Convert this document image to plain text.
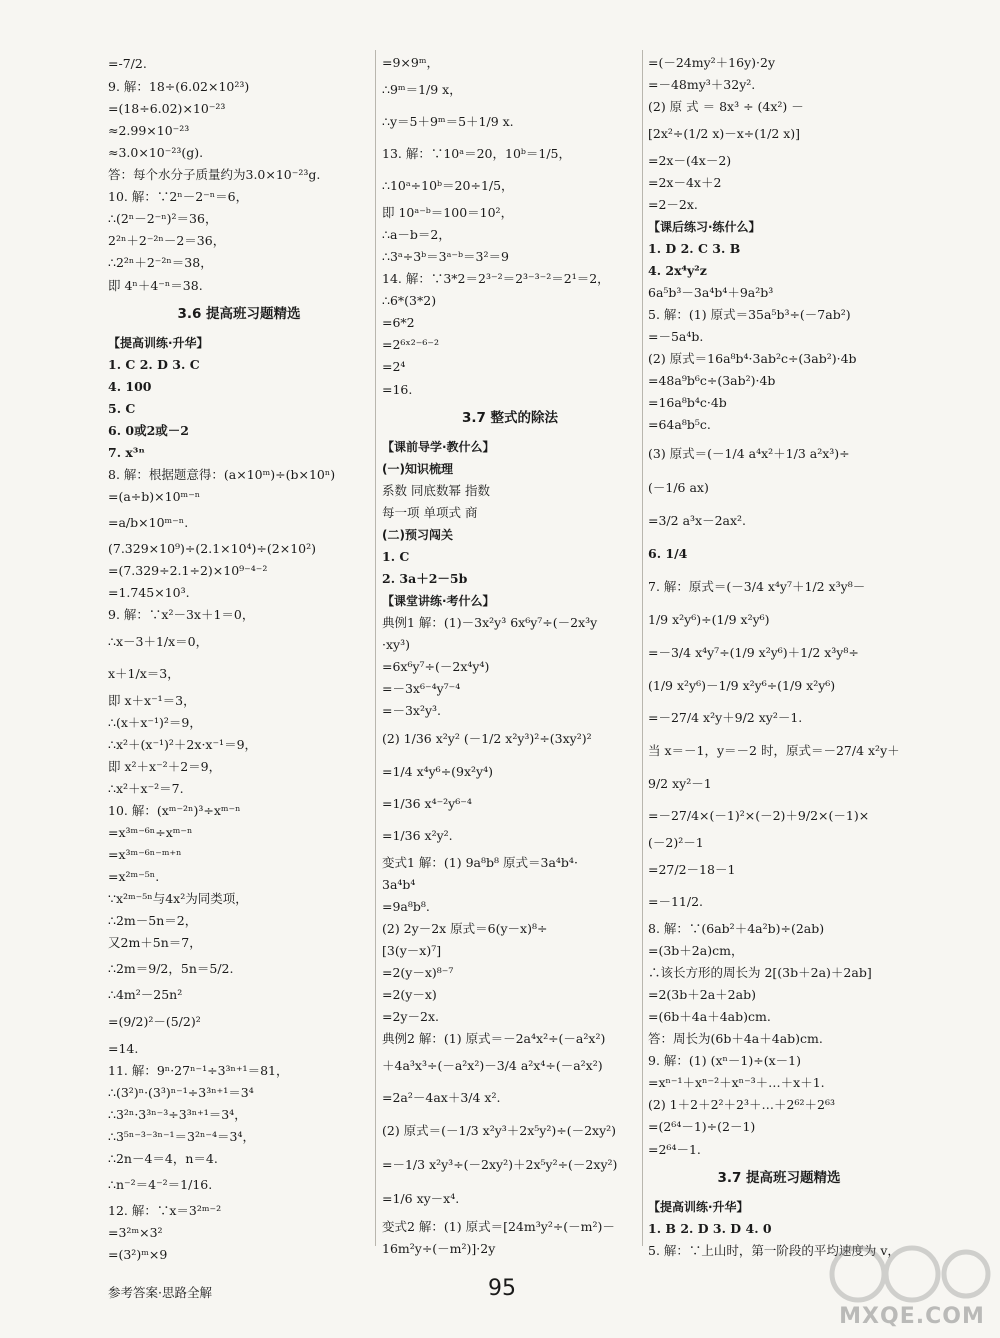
=-7/2.
9. 解：18÷(6.02×10²³)
=(18÷6.02)×10⁻²³
≈2.99×10⁻²³
≈3.0×10⁻²³(g).
答：每个水分子质量约为3.0×10⁻²³g.
10. 解：∵2ⁿ－2⁻ⁿ＝6，
∴(2ⁿ－2⁻ⁿ)²＝36，
2²ⁿ＋2⁻²ⁿ－2＝36，
∴2²ⁿ＋2⁻²ⁿ＝38，
即 4ⁿ＋4⁻ⁿ＝38.
3.6 提高班习题精选
【提高训练·升华】
1. C 2. D 3. C
4. 100
5. C
6. 0或2或－2
7. x³ⁿ
8. 解：根据题意得：(a×10ᵐ)÷(b×10ⁿ)
=(a÷b)×10ᵐ⁻ⁿ
=a/b×10ᵐ⁻ⁿ.
(7.329×10⁹)÷(2.1×10⁴)÷(2×10²)
=(7.329÷2.1÷2)×10⁹⁻⁴⁻²
=1.745×10³.
9. 解：∵x²－3x＋1＝0，
∴x－3＋1/x＝0，
x＋1/x＝3，
即 x＋x⁻¹＝3，
∴(x＋x⁻¹)²＝9，
∴x²＋(x⁻¹)²＋2x·x⁻¹＝9，
即 x²＋x⁻²＋2＝9，
∴x²＋x⁻²＝7.
10. 解：(xᵐ⁻²ⁿ)³÷xᵐ⁻ⁿ
=x³ᵐ⁻⁶ⁿ÷xᵐ⁻ⁿ
=x³ᵐ⁻⁶ⁿ⁻ᵐ⁺ⁿ
=x²ᵐ⁻⁵ⁿ.
∵x²ᵐ⁻⁵ⁿ与4x²为同类项，
∴2m－5n＝2，
又2m＋5n＝7，
∴2m＝9/2，5n＝5/2.
∴4m²－25n²
=(9/2)²－(5/2)²
=14.
11. 解：9ⁿ·27ⁿ⁻¹÷3³ⁿ⁺¹＝81，
∴(3²)ⁿ·(3³)ⁿ⁻¹÷3³ⁿ⁺¹＝3⁴
∴3²ⁿ·3³ⁿ⁻³÷3³ⁿ⁺¹＝3⁴，
∴3⁵ⁿ⁻³⁻³ⁿ⁻¹＝3²ⁿ⁻⁴＝3⁴，
∴2n－4＝4，n＝4.
∴n⁻²＝4⁻²＝1/16.
12. 解：∵x＝3²ᵐ⁻²
=3²ᵐ×3²
=(3²)ᵐ×9
=9×9ᵐ，
∴9ᵐ＝1/9 x，
∴y＝5＋9ᵐ＝5＋1/9 x.
13. 解：∵10ᵃ＝20，10ᵇ＝1/5，
∴10ᵃ÷10ᵇ＝20÷1/5，
即 10ᵃ⁻ᵇ＝100＝10²，
∴a－b＝2，
∴3ᵃ÷3ᵇ＝3ᵃ⁻ᵇ＝3²＝9
14. 解：∵3*2＝2³⁻²＝2³⁻³⁻²＝2¹＝2，
∴6*(3*2)
=6*2
=2⁶ˣ²⁻⁶⁻²
=2⁴
=16.
3.7 整式的除法
【课前导学·教什么】
(一)知识梳理
系数 同底数幂 指数
每一项 单项式 商
(二)预习闯关
1. C
2. 3a＋2－5b
【课堂讲练·考什么】
典例1 解：(1)－3x²y³ 6x⁶y⁷÷(－2x³y
·xy³)
=6x⁶y⁷÷(－2x⁴y⁴)
=－3x⁶⁻⁴y⁷⁻⁴
=－3x²y³.
(2) 1/36 x²y² (－1/2 x²y³)²÷(3xy²)²
=1/4 x⁴y⁶÷(9x²y⁴)
=1/36 x⁴⁻²y⁶⁻⁴
=1/36 x²y².
变式1 解：(1) 9a⁸b⁸ 原式＝3a⁴b⁴·
3a⁴b⁴
=9a⁸b⁸.
(2) 2y－2x 原式＝6(y－x)⁸÷
[3(y－x)⁷]
=2(y－x)⁸⁻⁷
=2(y－x)
=2y－2x.
典例2 解：(1) 原式＝－2a⁴x²÷(－a²x²)
＋4a³x³÷(－a²x²)－3/4 a²x⁴÷(－a²x²)
=2a²－4ax＋3/4 x².
(2) 原式＝(－1/3 x²y³＋2x⁵y²)÷(－2xy²)
=－1/3 x²y³÷(－2xy²)＋2x⁵y²÷(－2xy²)
=1/6 xy－x⁴.
变式2 解：(1) 原式＝[24m³y²÷(－m²)－
16m²y÷(－m²)]·2y
=(－24my²＋16y)·2y
=－48my³＋32y².
(2) 原 式 ＝ 8x³ ÷ (4x²) －
[2x²÷(1/2 x)－x÷(1/2 x)]
=2x－(4x－2)
=2x－4x＋2
=2－2x.
【课后练习·练什么】
1. D 2. C 3. B
4. 2x⁴y²z
6a⁵b³－3a⁴b⁴＋9a²b³
5. 解：(1) 原式＝35a⁵b³÷(－7ab²)
=－5a⁴b.
(2) 原式＝16a⁸b⁴·3ab²c÷(3ab²)·4b
=48a⁹b⁶c÷(3ab²)·4b
=16a⁸b⁴c·4b
=64a⁸b⁵c.
(3) 原式＝(－1/4 a⁴x²＋1/3 a²x³)÷
(－1/6 ax)
=3/2 a³x－2ax².
6. 1/4
7. 解：原式＝(－3/4 x⁴y⁷＋1/2 x³y⁸－
1/9 x²y⁶)÷(1/9 x²y⁶)
=－3/4 x⁴y⁷÷(1/9 x²y⁶)＋1/2 x³y⁸÷
(1/9 x²y⁶)－1/9 x²y⁶÷(1/9 x²y⁶)
=－27/4 x²y＋9/2 xy²－1.
当 x＝－1，y＝－2 时，原式＝－27/4 x²y＋
9/2 xy²－1
=－27/4×(－1)²×(－2)＋9/2×(－1)×
(－2)²－1
=27/2－18－1
=－11/2.
8. 解：∵(6ab²＋4a²b)÷(2ab)
=(3b＋2a)cm，
∴该长方形的周长为 2[(3b＋2a)＋2ab]
=2(3b＋2a＋2ab)
=(6b＋4a＋4ab)cm.
答：周长为(6b＋4a＋4ab)cm.
9. 解：(1) (xⁿ－1)÷(x－1)
=xⁿ⁻¹＋xⁿ⁻²＋xⁿ⁻³＋…＋x＋1.
(2) 1＋2＋2²＋2³＋…＋2⁶²＋2⁶³
=(2⁶⁴－1)÷(2－1)
=2⁶⁴－1.
3.7 提高班习题精选
【提高训练·升华】
1. B 2. D 3. D 4. 0
5. 解：∵上山时，第一阶段的平均速度为 v，
参考答案·思路全解	95
MXQE.COM
